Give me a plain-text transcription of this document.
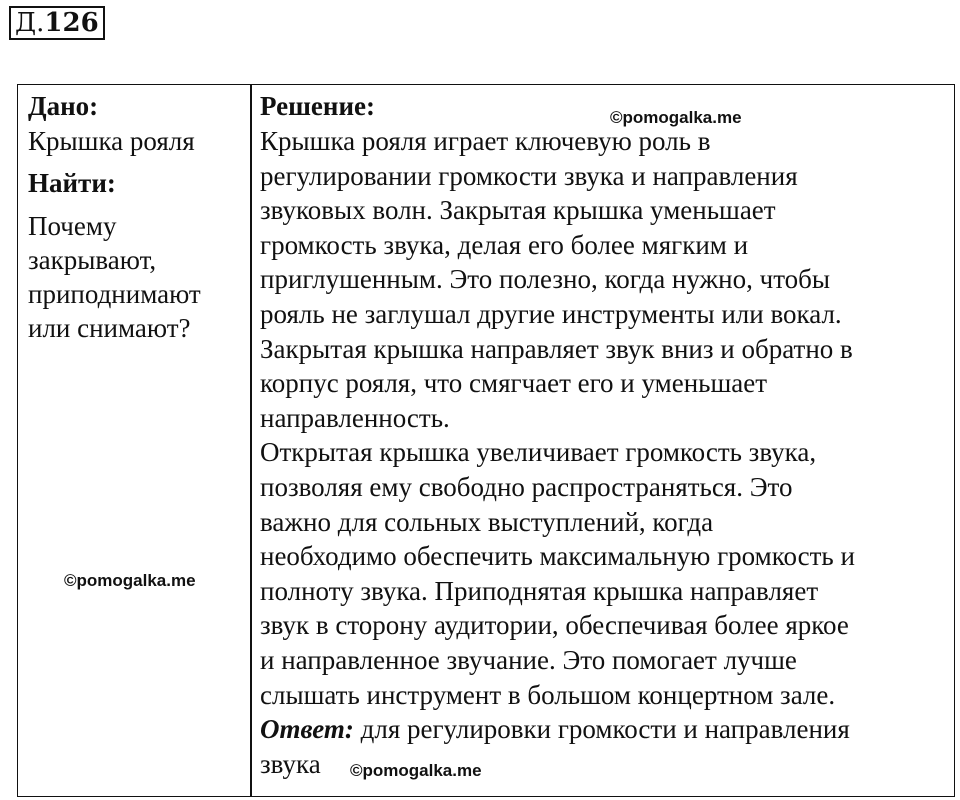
Д.126
Дано:
Крышка рояля
Найти:
Почему
закрывают,
приподнимают
или снимают?
Решение:
Крышка рояля играет ключевую роль в
регулировании громкости звука и направления
звуковых волн. Закрытая крышка уменьшает
громкость звука, делая его более мягким и
приглушенным. Это полезно, когда нужно, чтобы
рояль не заглушал другие инструменты или вокал.
Закрытая крышка направляет звук вниз и обратно в
корпус рояля, что смягчает его и уменьшает
направленность.
Открытая крышка увеличивает громкость звука,
позволяя ему свободно распространяться. Это
важно для сольных выступлений, когда
необходимо обеспечить максимальную громкость и
полноту звука. Приподнятая крышка направляет
звук в сторону аудитории, обеспечивая более яркое
и направленное звучание. Это помогает лучше
слышать инструмент в большом концертном зале.
Ответ: для регулировки громкости и направления
звука
©pomogalka.me
©pomogalka.me
©pomogalka.me
